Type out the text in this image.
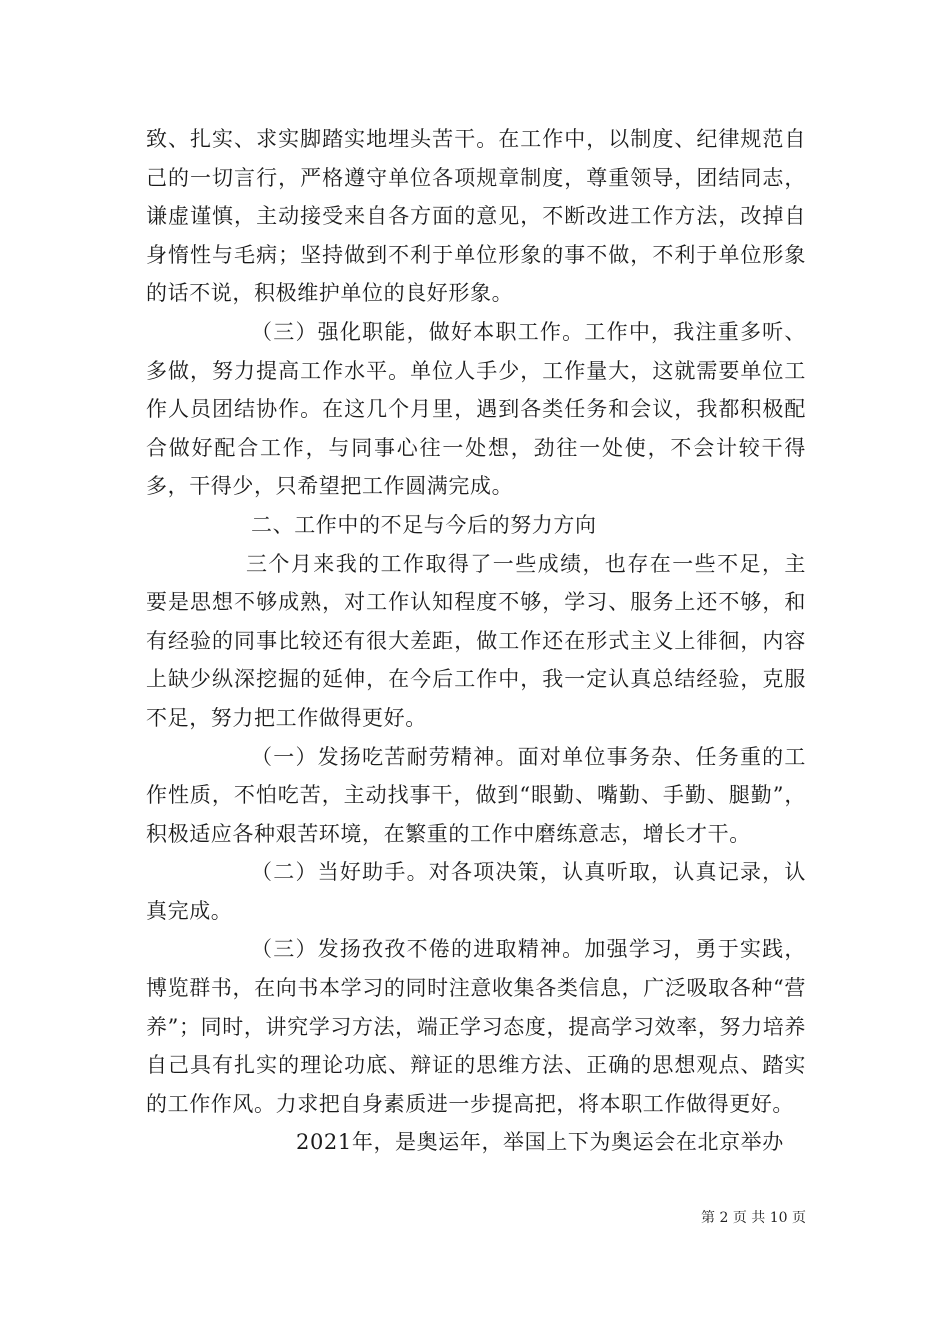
致、扎实、求实脚踏实地埋头苦干。在工作中，以制度、纪律规范自己的一切言行，严格遵守单位各项规章制度，尊重领导，团结同志，谦虚谨慎，主动接受来自各方面的意见，不断改进工作方法，改掉自身惰性与毛病；坚持做到不利于单位形象的事不做，不利于单位形象的话不说，积极维护单位的良好形象。

（三）强化职能，做好本职工作。工作中，我注重多听、多做，努力提高工作水平。单位人手少，工作量大，这就需要单位工作人员团结协作。在这几个月里，遇到各类任务和会议，我都积极配合做好配合工作，与同事心往一处想，劲往一处使，不会计较干得多，干得少，只希望把工作圆满完成。

二、工作中的不足与今后的努力方向

三个月来我的工作取得了一些成绩，也存在一些不足，主要是思想不够成熟，对工作认知程度不够，学习、服务上还不够，和有经验的同事比较还有很大差距，做工作还在形式主义上徘徊，内容上缺少纵深挖掘的延伸，在今后工作中，我一定认真总结经验，克服不足，努力把工作做得更好。

（一）发扬吃苦耐劳精神。面对单位事务杂、任务重的工作性质，不怕吃苦，主动找事干，做到“眼勤、嘴勤、手勤、腿勤”，积极适应各种艰苦环境，在繁重的工作中磨练意志，增长才干。

（二）当好助手。对各项决策，认真听取，认真记录，认真完成。

（三）发扬孜孜不倦的进取精神。加强学习，勇于实践，博览群书，在向书本学习的同时注意收集各类信息，广泛吸取各种“营养”；同时，讲究学习方法，端正学习态度，提高学习效率，努力培养自己具有扎实的理论功底、辩证的思维方法、正确的思想观点、踏实的工作作风。力求把自身素质进一步提高把，将本职工作做得更好。

2021年，是奥运年，举国上下为奥运会在北京举办

第 2 页 共 10 页
